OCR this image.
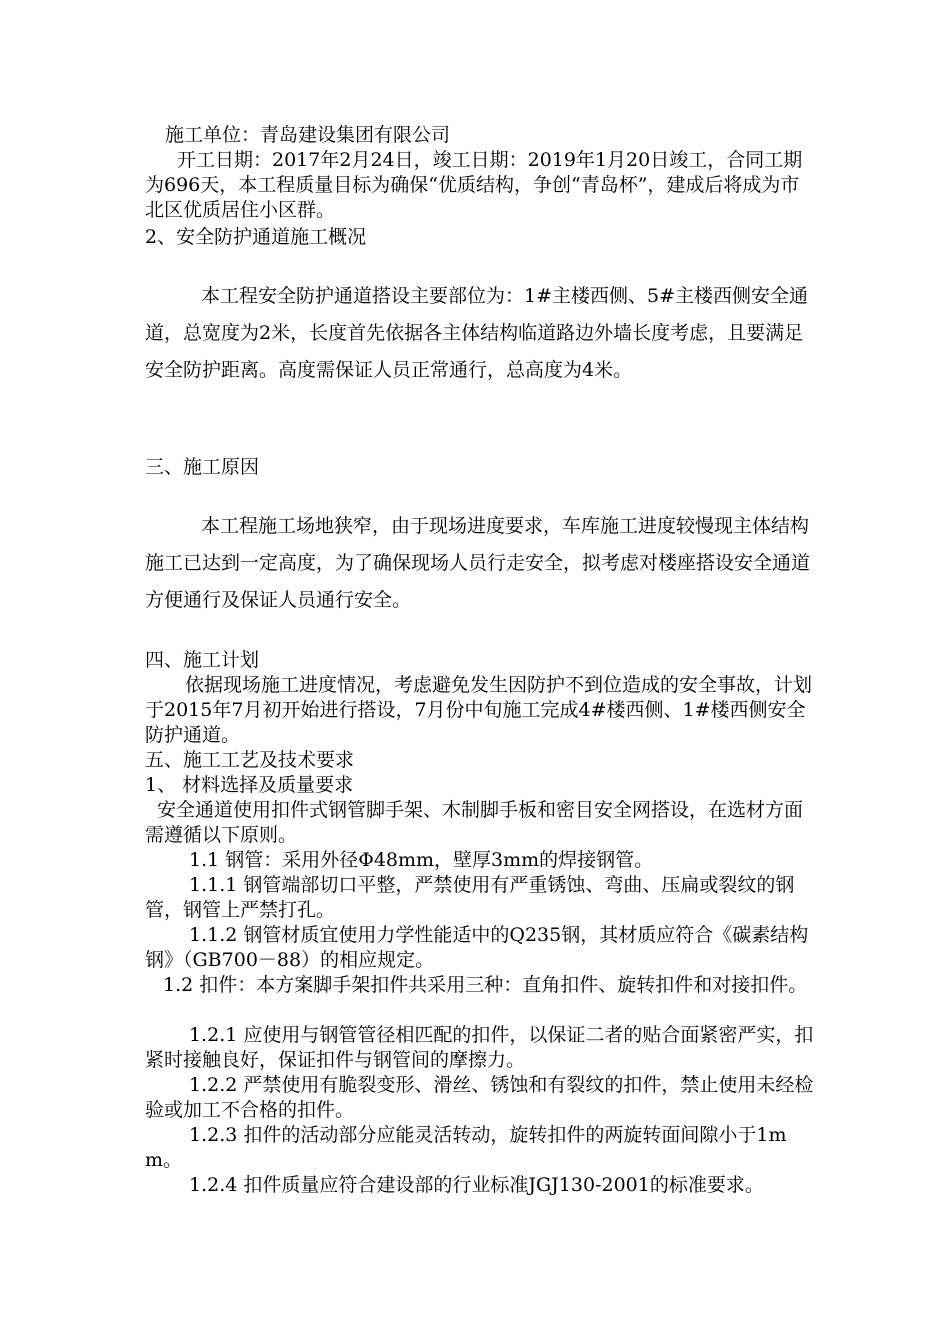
施工单位：青岛建设集团有限公司

开工日期：2017年2月24日，竣工日期：2019年1月20日竣工，合同工期为696天，本工程质量目标为确保“优质结构，争创“青岛杯”，建成后将成为市北区优质居住小区群。

2、安全防护通道施工概况

本工程安全防护通道搭设主要部位为：1#主楼西侧、5#主楼西侧安全通道，总宽度为2米，长度首先依据各主体结构临道路边外墙长度考虑，且要满足安全防护距离。高度需保证人员正常通行，总高度为4米。

三、施工原因

本工程施工场地狭窄，由于现场进度要求，车库施工进度较慢现主体结构施工已达到一定高度，为了确保现场人员行走安全，拟考虑对楼座搭设安全通道方便通行及保证人员通行安全。

四、施工计划

依据现场施工进度情况，考虑避免发生因防护不到位造成的安全事故，计划于2015年7月初开始进行搭设，7月份中旬施工完成4#楼西侧、1#楼西侧安全防护通道。

五、施工工艺及技术要求

1、 材料选择及质量要求

安全通道使用扣件式钢管脚手架、木制脚手板和密目安全网搭设，在选材方面需遵循以下原则。

1.1 钢管：采用外径Φ48mm，壁厚3mm的焊接钢管。

1.1.1 钢管端部切口平整，严禁使用有严重锈蚀、弯曲、压扁或裂纹的钢管，钢管上严禁打孔。

1.1.2 钢管材质宜使用力学性能适中的Q235钢，其材质应符合《碳素结构钢》（GB700－88）的相应规定。

1.2 扣件：本方案脚手架扣件共采用三种：直角扣件、旋转扣件和对接扣件。

1.2.1 应使用与钢管管径相匹配的扣件，以保证二者的贴合面紧密严实，扣紧时接触良好，保证扣件与钢管间的摩擦力。

1.2.2 严禁使用有脆裂变形、滑丝、锈蚀和有裂纹的扣件，禁止使用未经检验或加工不合格的扣件。

1.2.3 扣件的活动部分应能灵活转动，旋转扣件的两旋转面间隙小于1mm。

1.2.4 扣件质量应符合建设部的行业标准JGJ130-2001的标准要求。
